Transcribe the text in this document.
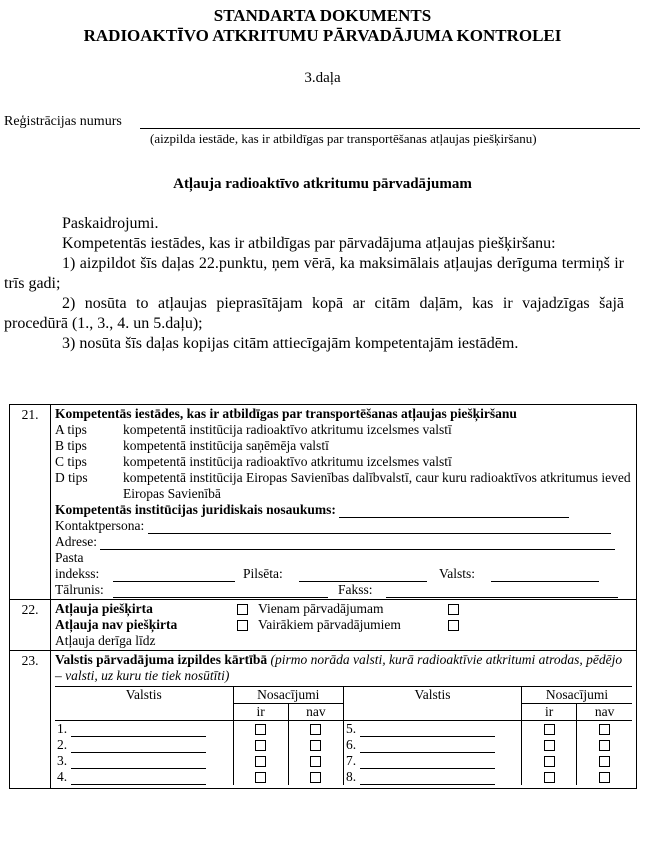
STANDARTA DOKUMENTS
RADIOAKTĪVO ATKRITUMU PĀRVADĀJUMA KONTROLEI
3.daļa
Reģistrācijas numurs
(aizpilda iestāde, kas ir atbildīgas par transportēšanas atļaujas piešķiršanu)
Atļauja radioaktīvo atkritumu pārvadājumam

Paskaidrojumi.

Kompetentās iestādes, kas ir atbildīgas par pārvadājuma atļaujas piešķiršanu:

1) aizpildot šīs daļas 22.punktu, ņem vērā, ka maksimālais atļaujas derīguma termiņš ir trīs gadi;

2) nosūta to atļaujas pieprasītājam kopā ar citām daļām, kas ir vajadzīgas šajā procedūrā (1., 3., 4. un 5.daļu);

3) nosūta šīs daļas kopijas citām attiecīgajām kompetentajām iestādēm.

21.	Kompetentās iestādes, kas ir atbildīgas par transportēšanas atļaujas piešķiršanu
A tips	kompetentā institūcija radioaktīvo atkritumu izcelsmes valstī
B tips	kompetentā institūcija saņēmēja valstī
C tips	kompetentā institūcija radioaktīvo atkritumu izcelsmes valstī
D tips	kompetentā institūcija Eiropas Savienības dalībvalstī, caur kuru radioaktīvos atkritumus ieved Eiropas Savienībā
Kompetentās institūcijas juridiskais nosaukums:
Kontaktpersona:
Adrese:
Pasta
indekss:	Pilsēta:	Valsts:
Tālrunis:	Fakss:

22.	Atļauja piešķirta	Vienam pārvadājumam
Atļauja nav piešķirta	Vairākiem pārvadājumiem
Atļauja derīga līdz

23.	Valstis pārvadājuma izpildes kārtībā (pirmo norāda valsti, kurā radioaktīvie atkritumi atrodas, pēdējo – valsti, uz kuru tie tiek nosūtīti)
Valstis	Nosacījumi	Valstis	Nosacījumi
	ir	nav		ir	nav
1.			5.		
2.			6.		
3.			7.		
4.			8.		
